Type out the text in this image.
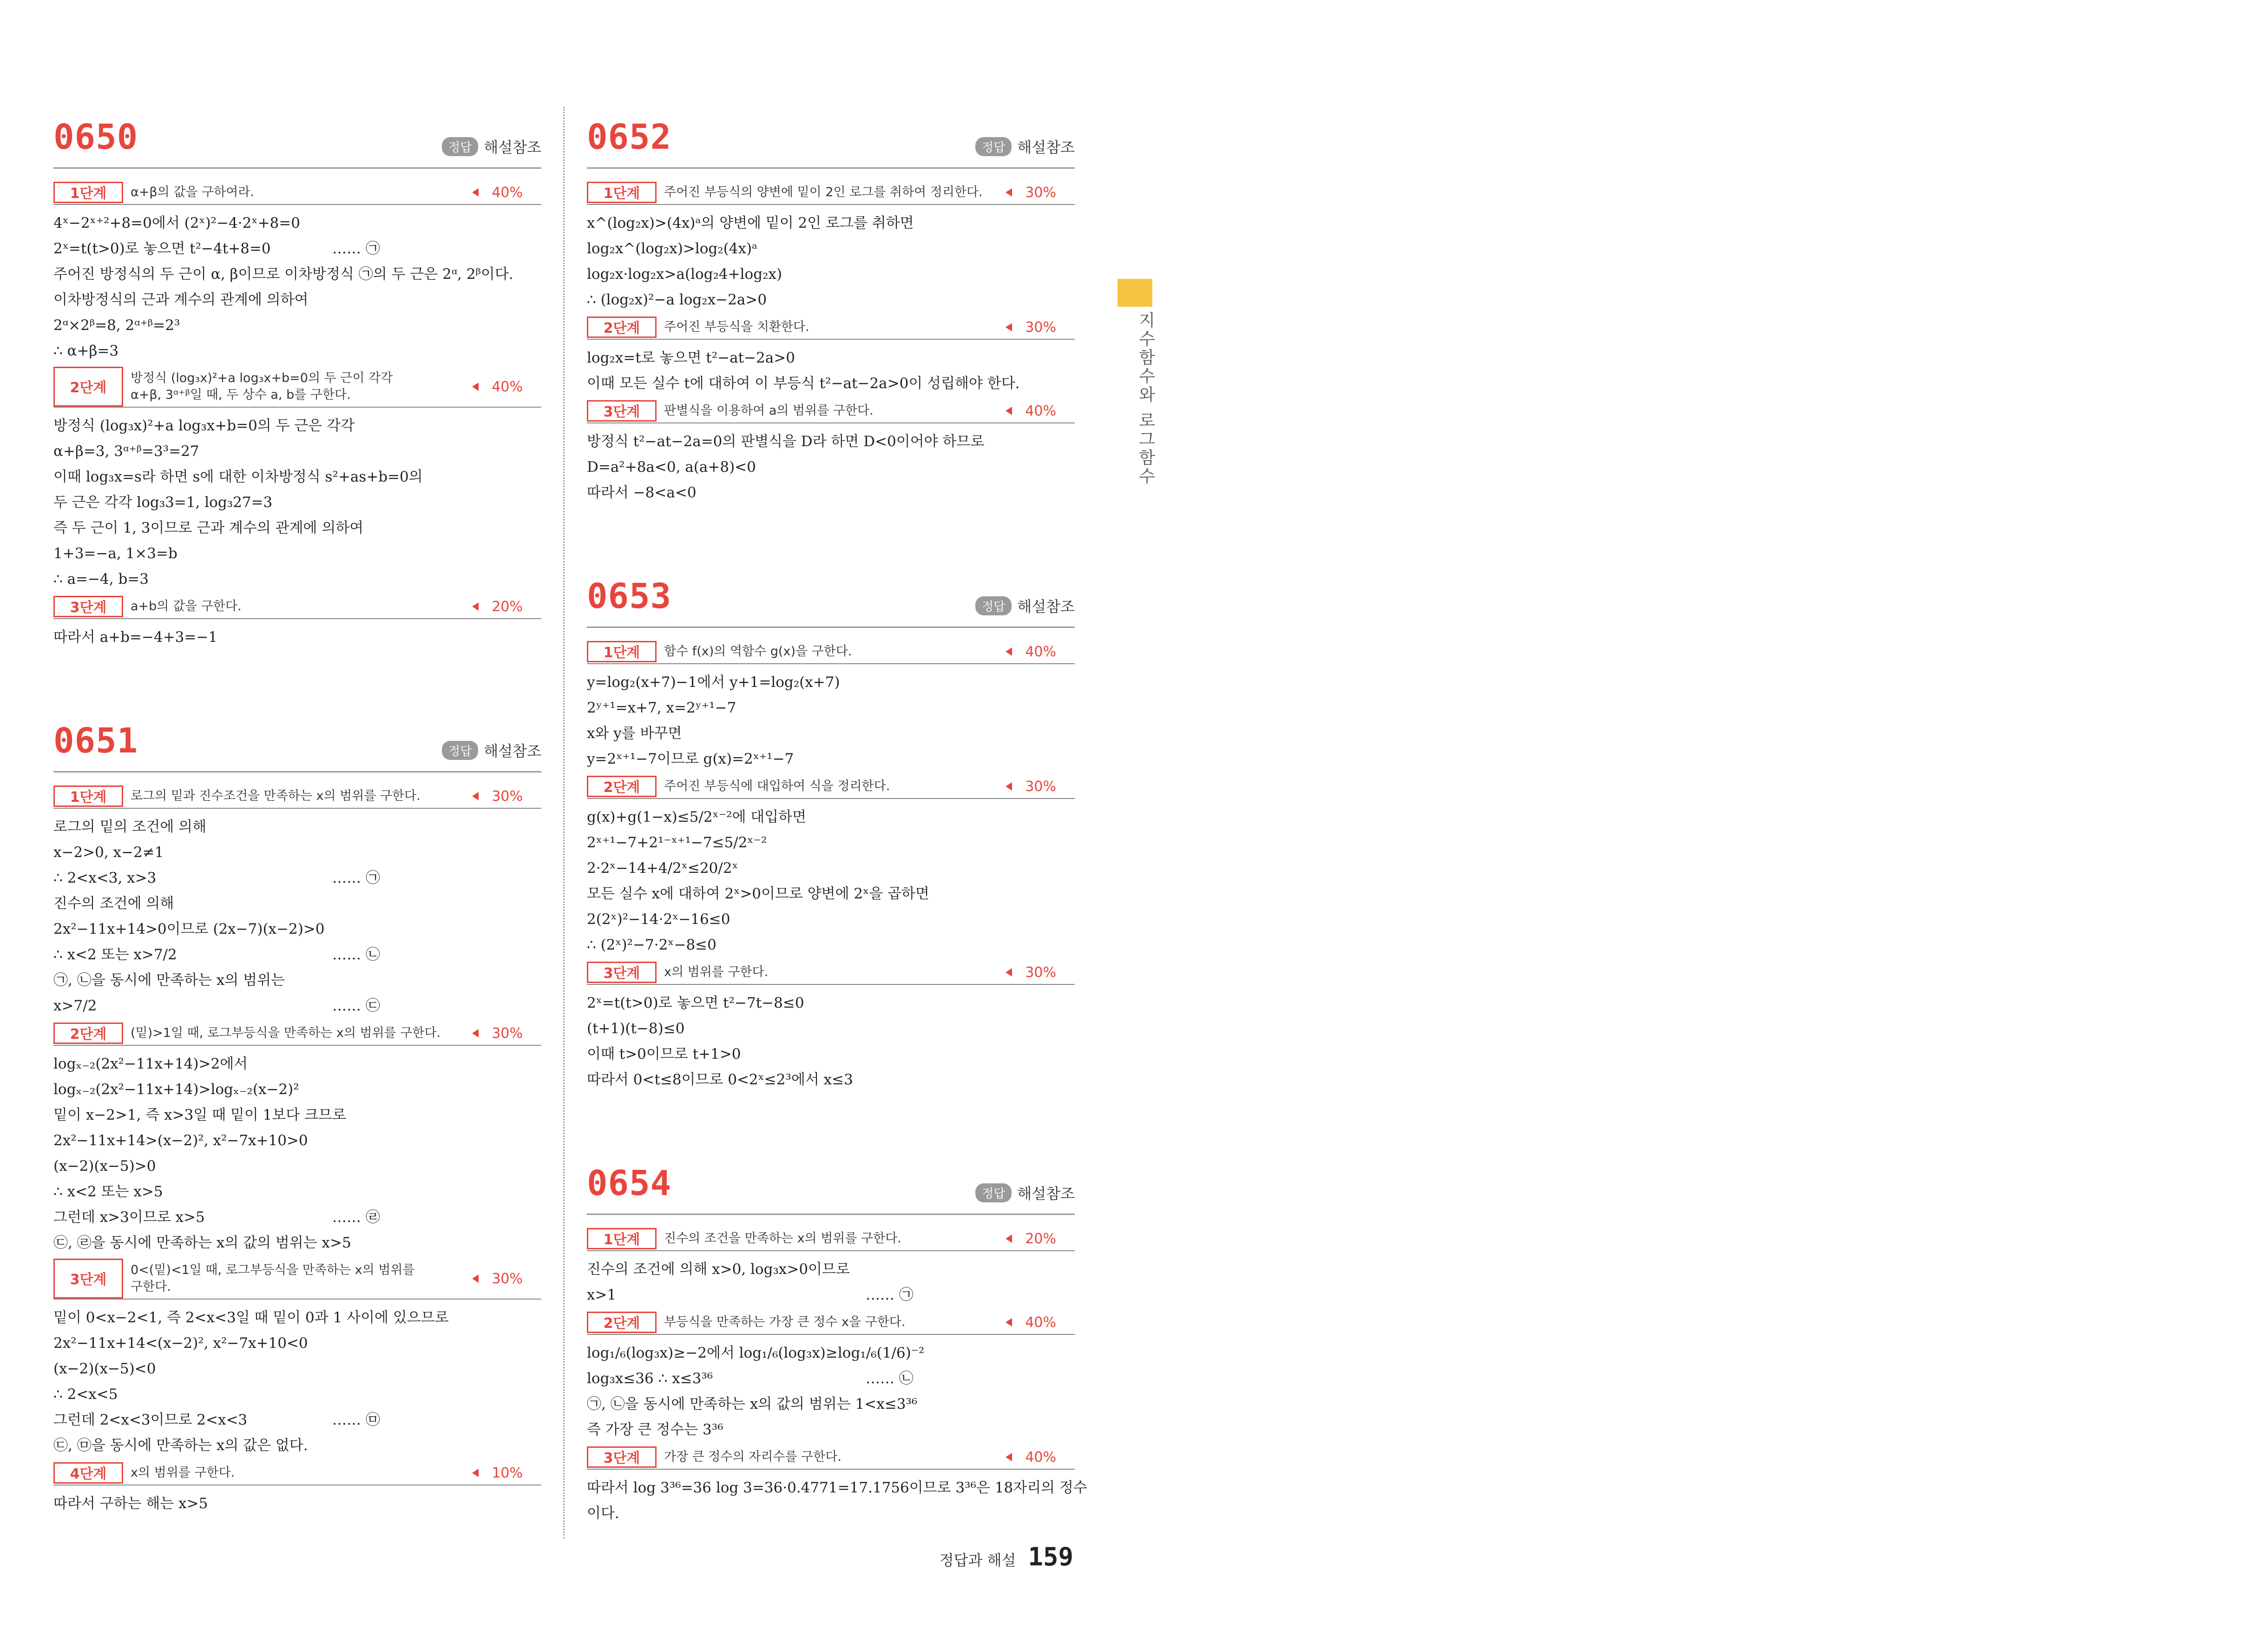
0650	정답 해설참조
1단계	α+β의 값을 구하여라.	40%
4ˣ−2ˣ⁺²+8=0에서 (2ˣ)²−4·2ˣ+8=0
2ˣ=t(t>0)로 놓으면 t²−4t+8=0	…… ㉠
주어진 방정식의 두 근이 α, β이므로 이차방정식 ㉠의 두 근은 2ᵅ, 2ᵝ이다.
이차방정식의 근과 계수의 관계에 의하여
2ᵅ×2ᵝ=8, 2ᵅ⁺ᵝ=2³
∴ α+β=3
2단계
방정식 (log₃x)²+a log₃x+b=0의 두 근이 각각
α+β, 3ᵅ⁺ᵝ일 때, 두 상수 a, b를 구한다.	40%
방정식 (log₃x)²+a log₃x+b=0의 두 근은 각각
α+β=3, 3ᵅ⁺ᵝ=3³=27
이때 log₃x=s라 하면 s에 대한 이차방정식 s²+as+b=0의
두 근은 각각 log₃3=1, log₃27=3
즉 두 근이 1, 3이므로 근과 계수의 관계에 의하여
1+3=−a, 1×3=b
∴ a=−4, b=3
3단계	a+b의 값을 구한다.	20%
따라서 a+b=−4+3=−1
0651	정답 해설참조
1단계	로그의 밑과 진수조건을 만족하는 x의 범위를 구한다.	30%
로그의 밑의 조건에 의해
x−2>0, x−2≠1
∴ 2<x<3, x>3	…… ㉠
진수의 조건에 의해
2x²−11x+14>0이므로 (2x−7)(x−2)>0
∴ x<2 또는 x>7/2	…… ㉡
㉠, ㉡을 동시에 만족하는 x의 범위는
x>7/2	…… ㉢
2단계	(밑)>1일 때, 로그부등식을 만족하는 x의 범위를 구한다.	30%
logₓ₋₂(2x²−11x+14)>2에서
logₓ₋₂(2x²−11x+14)>logₓ₋₂(x−2)²
밑이 x−2>1, 즉 x>3일 때 밑이 1보다 크므로
2x²−11x+14>(x−2)², x²−7x+10>0
(x−2)(x−5)>0
∴ x<2 또는 x>5
그런데 x>3이므로 x>5	…… ㉣
㉢, ㉣을 동시에 만족하는 x의 값의 범위는 x>5
3단계
0<(밑)<1일 때, 로그부등식을 만족하는 x의 범위를
구한다.	30%
밑이 0<x−2<1, 즉 2<x<3일 때 밑이 0과 1 사이에 있으므로
2x²−11x+14<(x−2)², x²−7x+10<0
(x−2)(x−5)<0
∴ 2<x<5
그런데 2<x<3이므로 2<x<3	…… ㉤
㉢, ㉤을 동시에 만족하는 x의 값은 없다.
4단계	x의 범위를 구한다.	10%
따라서 구하는 해는 x>5
0652	정답 해설참조
1단계	주어진 부등식의 양변에 밑이 2인 로그를 취하여 정리한다.	30%
x^(log₂x)>(4x)ᵃ의 양변에 밑이 2인 로그를 취하면
log₂x^(log₂x)>log₂(4x)ᵃ
log₂x·log₂x>a(log₂4+log₂x)
∴ (log₂x)²−a log₂x−2a>0
2단계	주어진 부등식을 치환한다.	30%
log₂x=t로 놓으면 t²−at−2a>0
이때 모든 실수 t에 대하여 이 부등식 t²−at−2a>0이 성립해야 한다.
3단계	판별식을 이용하여 a의 범위를 구한다.	40%
방정식 t²−at−2a=0의 판별식을 D라 하면 D<0이어야 하므로
D=a²+8a<0, a(a+8)<0
따라서 −8<a<0
0653	정답 해설참조
1단계	함수 f(x)의 역함수 g(x)을 구한다.	40%
y=log₂(x+7)−1에서 y+1=log₂(x+7)
2ʸ⁺¹=x+7, x=2ʸ⁺¹−7
x와 y를 바꾸면
y=2ˣ⁺¹−7이므로 g(x)=2ˣ⁺¹−7
2단계	주어진 부등식에 대입하여 식을 정리한다.	30%
g(x)+g(1−x)≤5/2ˣ⁻²에 대입하면
2ˣ⁺¹−7+2¹⁻ˣ⁺¹−7≤5/2ˣ⁻²
2·2ˣ−14+4/2ˣ≤20/2ˣ
모든 실수 x에 대하여 2ˣ>0이므로 양변에 2ˣ을 곱하면
2(2ˣ)²−14·2ˣ−16≤0
∴ (2ˣ)²−7·2ˣ−8≤0
3단계	x의 범위를 구한다.	30%
2ˣ=t(t>0)로 놓으면 t²−7t−8≤0
(t+1)(t−8)≤0
이때 t>0이므로 t+1>0
따라서 0<t≤8이므로 0<2ˣ≤2³에서 x≤3
0654	정답 해설참조
1단계	진수의 조건을 만족하는 x의 범위를 구한다.	20%
진수의 조건에 의해 x>0, log₃x>0이므로
x>1	…… ㉠
2단계	부등식을 만족하는 가장 큰 정수 x을 구한다.	40%
log₁/₆(log₃x)≥−2에서 log₁/₆(log₃x)≥log₁/₆(1/6)⁻²
log₃x≤36 ∴ x≤3³⁶	…… ㉡
㉠, ㉡을 동시에 만족하는 x의 값의 범위는 1<x≤3³⁶
즉 가장 큰 정수는 3³⁶
3단계	가장 큰 정수의 자리수를 구한다.	40%
따라서 log 3³⁶=36 log 3=36·0.4771=17.1756이므로 3³⁶은 18자리의 정수
이다.
1
지수함수와 로그함수
정답과 해설 159
